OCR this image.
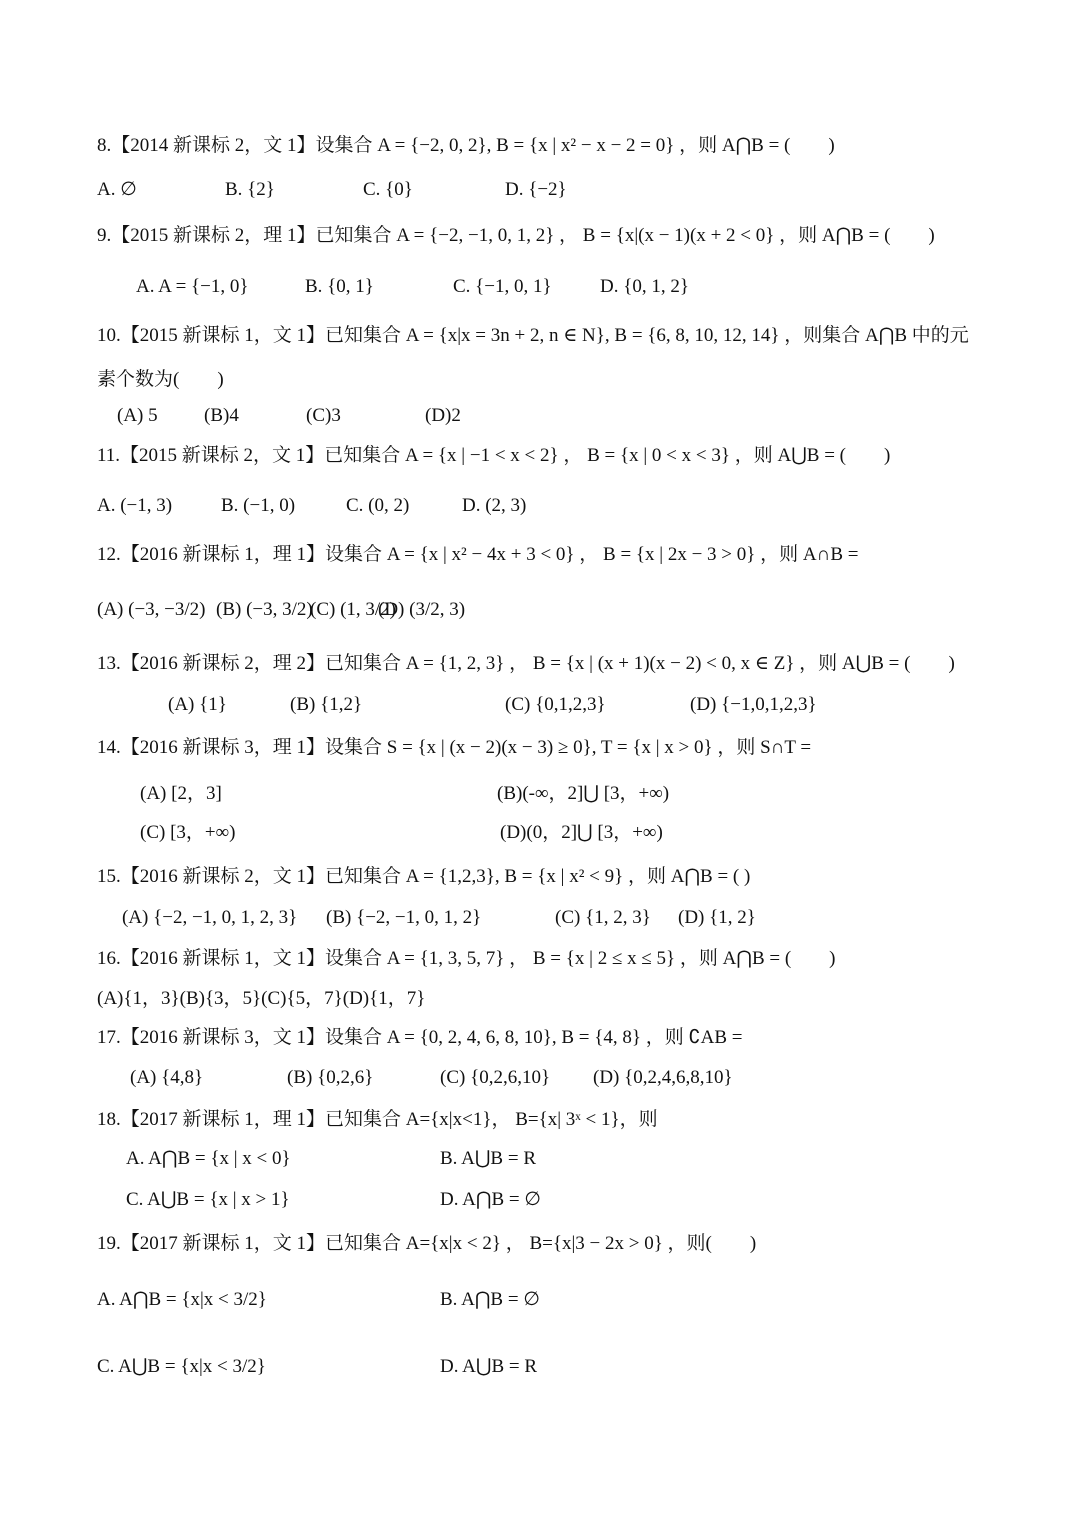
8.【2014 新课标 2，文 1】设集合 A = {−2, 0, 2}, B = {x | x² − x − 2 = 0} ，则 A⋂B = (　　)
A. ∅	B. {2}	C. {0}	D. {−2}
9.【2015 新课标 2，理 1】已知集合 A = {−2, −1, 0, 1, 2} ， B = {x|(x − 1)(x + 2 < 0} ，则 A⋂B = (　　)
A. A = {−1, 0}	B. {0, 1}	C. {−1, 0, 1}	D. {0, 1, 2}
10.【2015 新课标 1，文 1】已知集合 A = {x|x = 3n + 2, n ∈ N}, B = {6, 8, 10, 12, 14} ，则集合 A⋂B 中的元
素个数为(　　)
(A) 5 (B)4	(C)3	(D)2
11.【2015 新课标 2，文 1】已知集合 A = {x | −1 < x < 2} ， B = {x | 0 < x < 3} ，则 A⋃B = (　　)
A. (−1, 3)	B. (−1, 0)	C. (0, 2)	D. (2, 3)
12.【2016 新课标 1，理 1】设集合 A = {x | x² − 4x + 3 < 0} ， B = {x | 2x − 3 > 0} ，则 A∩B =
(A) (−3, −3/2) (B) (−3, 3/2)
(C) (1, 3/2)
(D) (3/2, 3)
13.【2016 新课标 2，理 2】已知集合 A = {1, 2, 3} ， B = {x | (x + 1)(x − 2) < 0, x ∈ Z} ，则 A⋃B = (　　)
(A) {1}	(B) {1,2}	(C) {0,1,2,3}	(D) {−1,0,1,2,3}
14.【2016 新课标 3，理 1】设集合 S = {x | (x − 2)(x − 3) ≥ 0}, T = {x | x > 0} ，则 S∩T =
(A) [2，3]	(B)(-∞，2]⋃ [3，+∞)
(C) [3，+∞)	(D)(0，2]⋃ [3，+∞)
15.【2016 新课标 2，文 1】已知集合 A = {1,2,3}, B = {x | x² < 9} ，则 A⋂B = ( )
(A) {−2, −1, 0, 1, 2, 3} (B) {−2, −1, 0, 1, 2}	(C) {1, 2, 3} (D) {1, 2}
16.【2016 新课标 1，文 1】设集合 A = {1, 3, 5, 7} ， B = {x | 2 ≤ x ≤ 5} ，则 A⋂B = (　　)
(A){1，3}(B){3，5}(C){5，7}(D){1，7}
17.【2016 新课标 3，文 1】设集合 A = {0, 2, 4, 6, 8, 10}, B = {4, 8} ，则 ∁AB =
(A) {4,8}	(B) {0,2,6}	(C) {0,2,6,10} (D) {0,2,4,6,8,10}
18.【2017 新课标 1，理 1】已知集合 A={x|x<1}， B={x| 3ˣ < 1}，则
A. A⋂B = {x | x < 0}	B. A⋃B = R
C. A⋃B = {x | x > 1}	D. A⋂B = ∅
19.【2017 新课标 1，文 1】已知集合 A={x|x < 2} ， B={x|3 − 2x > 0} ，则(　　)
A. A⋂B = {x|x < 3/2}	B. A⋂B = ∅
C. A⋃B = {x|x < 3/2}	D. A⋃B = R
